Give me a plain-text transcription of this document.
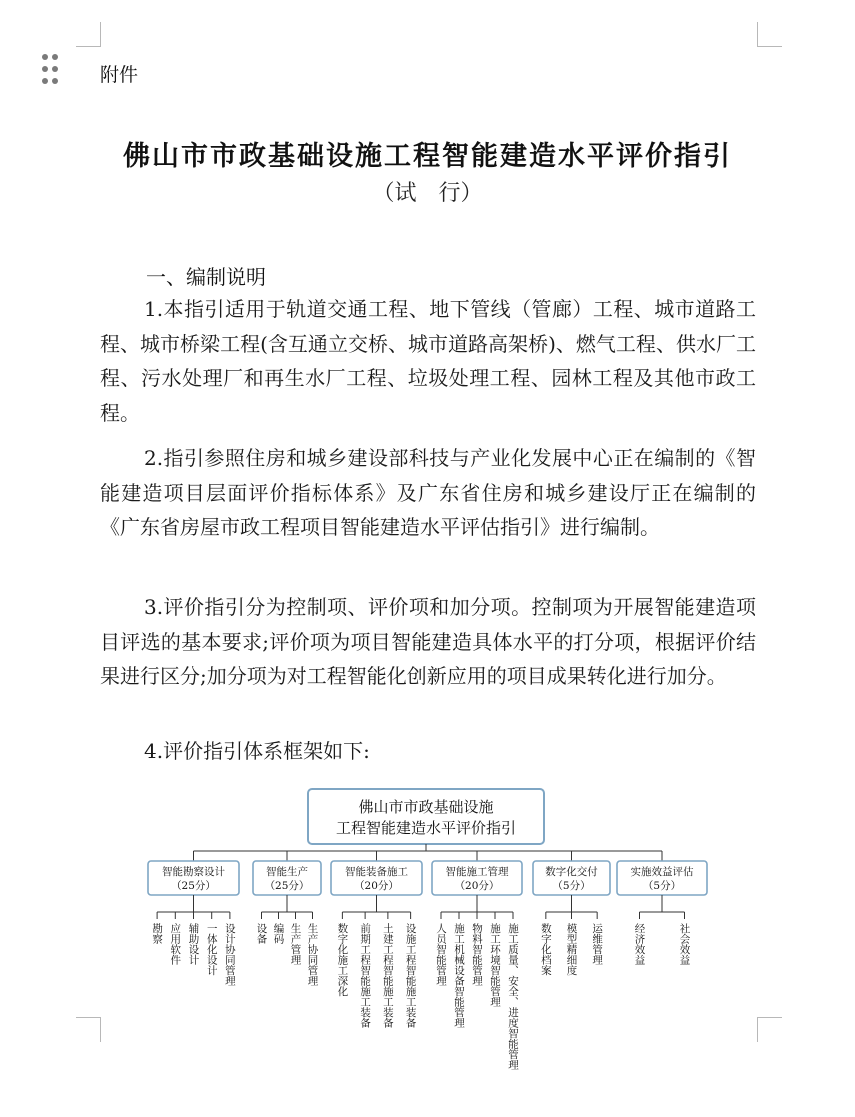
附件
佛山市市政基础设施工程智能建造水平评价指引
（试　行）
一、编制说明

1.本指引适用于轨道交通工程、地下管线（管廊）工程、城市道路工程、城市桥梁工程(含互通立交桥、城市道路高架桥)、燃气工程、供水厂工程、污水处理厂和再生水厂工程、垃圾处理工程、园林工程及其他市政工程。

2.指引参照住房和城乡建设部科技与产业化发展中心正在编制的《智能建造项目层面评价指标体系》及广东省住房和城乡建设厅正在编制的《广东省房屋市政工程项目智能建造水平评估指引》进行编制。

3.评价指引分为控制项、评价项和加分项。控制项为开展智能建造项目评选的基本要求;评价项为项目智能建造具体水平的打分项，根据评价结果进行区分;加分项为对工程智能化创新应用的项目成果转化进行加分。

4.评价指引体系框架如下:

佛山市市政基础设施
工程智能建造水平评价指引
智能勘察设计
（25分）
勘察 应用软件 辅助设计 一体化设计 设计协同管理
智能生产
（25分）
设备 编码 生产管理 生产协同管理
智能装备施工
（20分）
数字化施工深化 前期工程智能施工装备 土建工程智能施工装备 设施工程智能施工装备
智能施工管理
（20分）
人员智能管理 施工机械设备智能管理 物料智能管理 施工环境智能管理 施工质量、安全、进度智能管理
数字化交付
（5分）
数字化档案 模型精细度 运维管理
实施效益评估
（5分）
经济效益	社会效益
